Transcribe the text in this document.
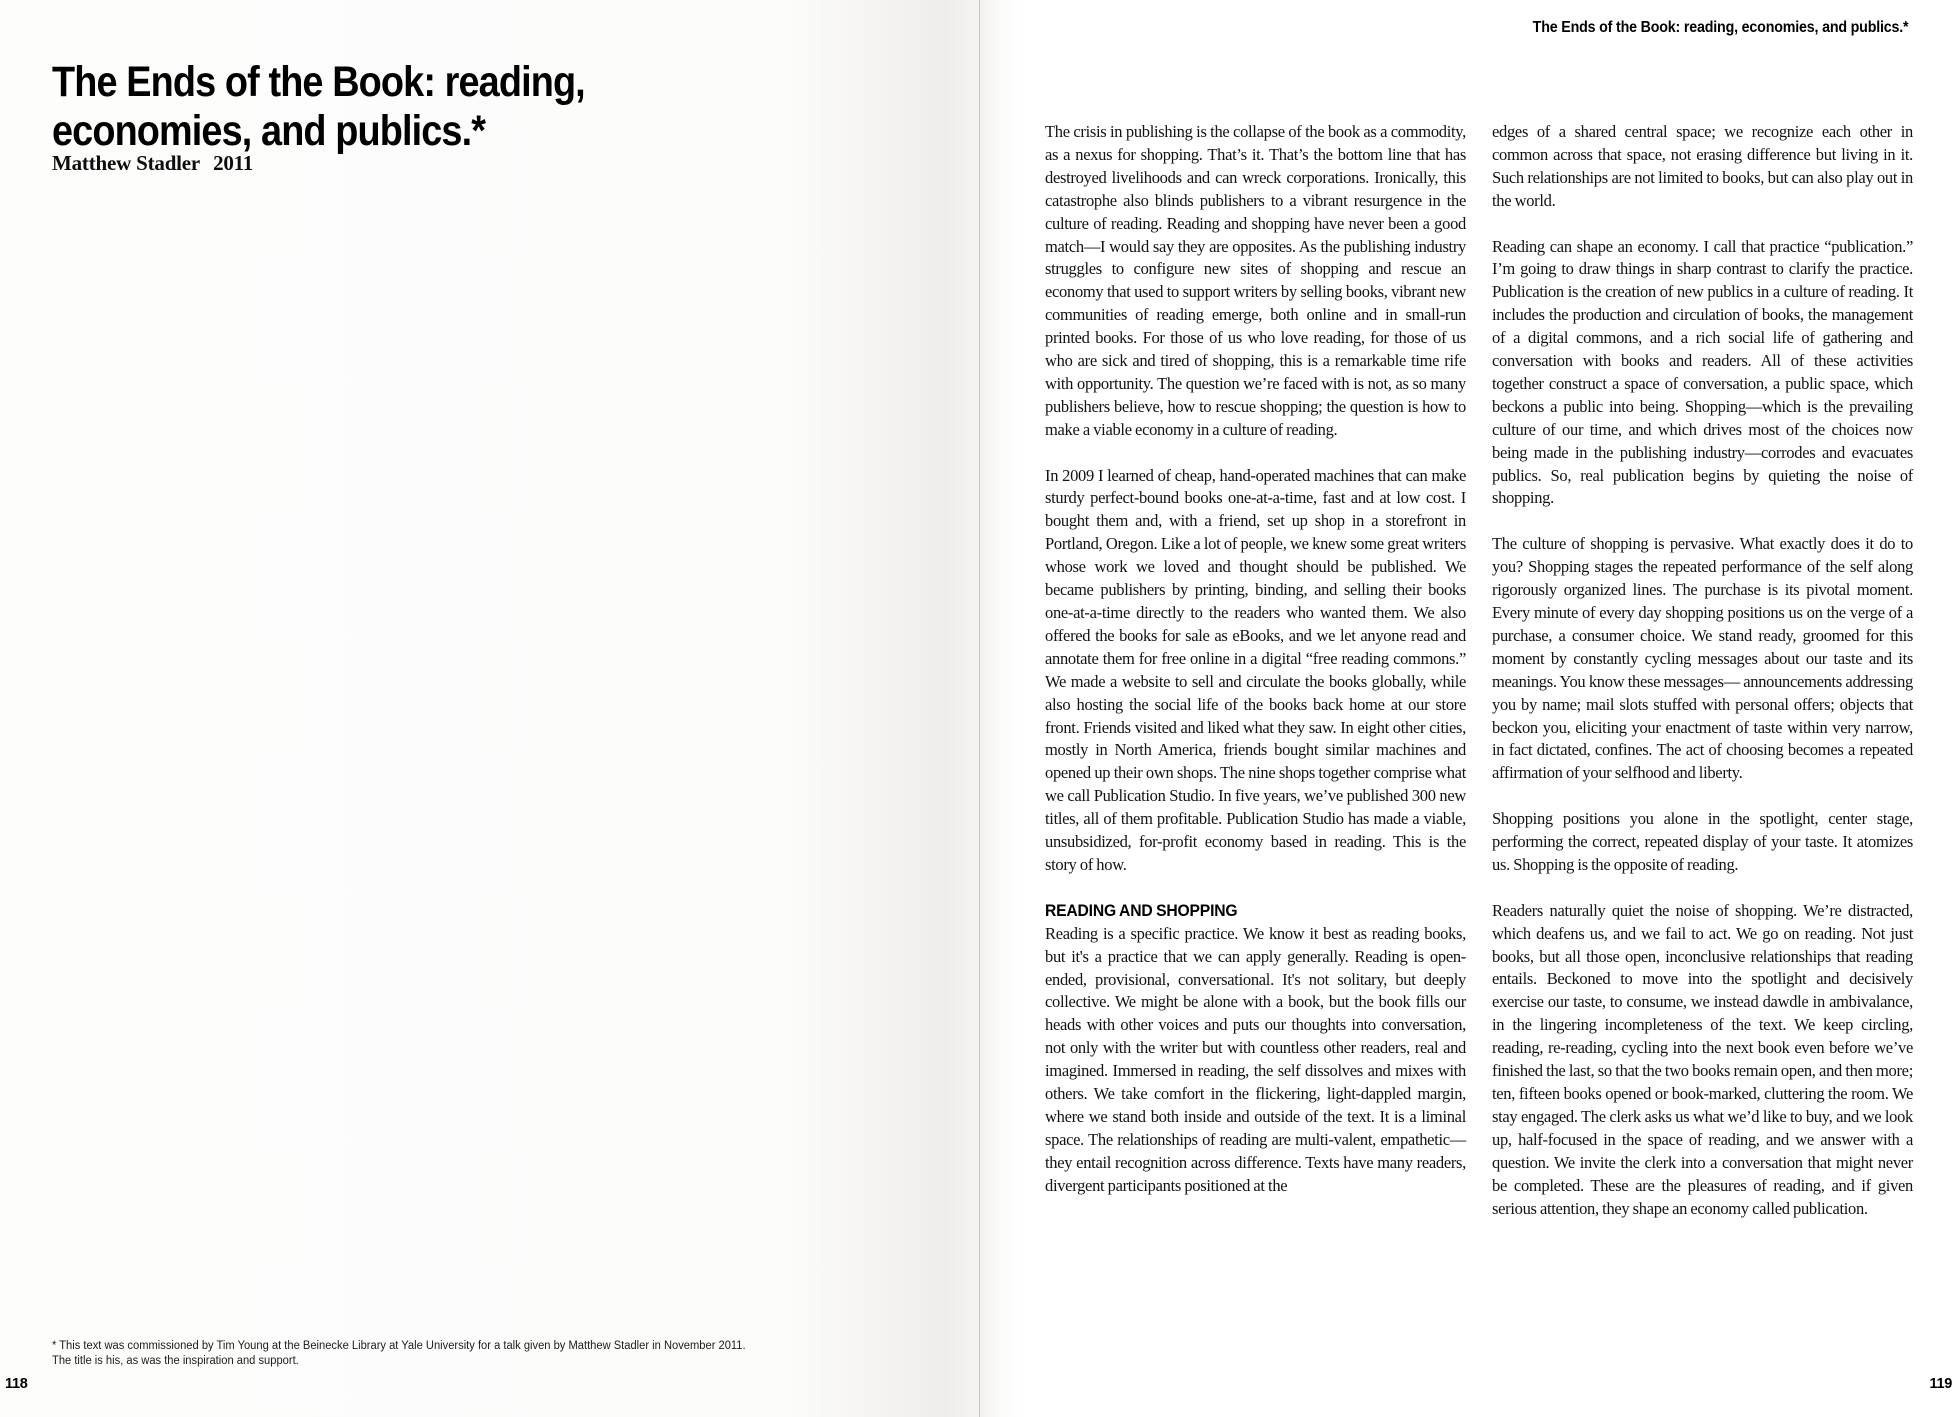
The Ends of the Book: reading,
economies, and publics.*
Matthew Stadler 2011
* This text was commissioned by Tim Young at the Beinecke Library at Yale University for a talk given by Matthew Stadler in November 2011.
The title is his, as was the inspiration and support.
118
The Ends of the Book: reading, economies, and publics.*

The crisis in publishing is the collapse of the book as a commodity, as a nexus for shopping. That’s it. That’s the bottom line that has destroyed livelihoods and can wreck corporations. Ironically, this catastrophe also blinds publishers to a vibrant resurgence in the culture of reading. Reading and shopping have never been a good match—I would say they are opposites. As the publishing industry struggles to configure new sites of shopping and rescue an economy that used to support writers by selling books, vibrant new communities of reading emerge, both online and in small-run printed books. For those of us who love reading, for those of us who are sick and tired of shopping, this is a remarkable time rife with opportunity. The question we’re faced with is not, as so many publishers believe, how to rescue shopping; the question is how to make a viable economy in a culture of reading.

In 2009 I learned of cheap, hand-operated machines that can make sturdy perfect-bound books one-at-a-time, fast and at low cost. I bought them and, with a friend, set up shop in a storefront in Portland, Oregon. Like a lot of people, we knew some great writers whose work we loved and thought should be published. We became publishers by printing, binding, and selling their books one-at-a-time directly to the readers who wanted them. We also offered the books for sale as eBooks, and we let anyone read and annotate them for free online in a digital “free reading commons.” We made a website to sell and circulate the books globally, while also hosting the social life of the books back home at our store front. Friends visited and liked what they saw. In eight other cities, mostly in North America, friends bought similar machines and opened up their own shops. The nine shops together comprise what we call Publication Studio. In five years, we’ve published 300 new titles, all of them profitable. Publication Studio has made a viable, unsubsidized, for-profit economy based in reading. This is the story of how.

READING AND SHOPPING

Reading is a specific practice. We know it best as reading books, but it's a practice that we can apply generally. Reading is open-ended, provisional, conversational. It's not solitary, but deeply collective. We might be alone with a book, but the book fills our heads with other voices and puts our thoughts into conversation, not only with the writer but with countless other readers, real and imagined. Immersed in reading, the self dissolves and mixes with others. We take comfort in the flickering, light-dappled margin, where we stand both inside and outside of the text. It is a liminal space. The relationships of reading are multi-valent, empathetic—they entail recognition across difference. Texts have many readers, divergent participants positioned at the

edges of a shared central space; we recognize each other in common across that space, not erasing difference but living in it. Such relationships are not limited to books, but can also play out in the world.

Reading can shape an economy. I call that practice “publication.” I’m going to draw things in sharp contrast to clarify the practice. Publication is the creation of new publics in a culture of reading. It includes the production and circulation of books, the management of a digital commons, and a rich social life of gathering and conversation with books and readers. All of these activities together construct a space of conversation, a public space, which beckons a public into being. Shopping—which is the prevailing culture of our time, and which drives most of the choices now being made in the publishing industry—corrodes and evacuates publics. So, real publication begins by quieting the noise of shopping.

The culture of shopping is pervasive. What exactly does it do to you? Shopping stages the repeated performance of the self along rigorously organized lines. The purchase is its pivotal moment. Every minute of every day shopping positions us on the verge of a purchase, a consumer choice. We stand ready, groomed for this moment by constantly cycling messages about our taste and its meanings. You know these messages— announcements addressing you by name; mail slots stuffed with personal offers; objects that beckon you, eliciting your enactment of taste within very narrow, in fact dictated, confines. The act of choosing becomes a repeated affirmation of your selfhood and liberty.

Shopping positions you alone in the spotlight, center stage, performing the correct, repeated display of your taste. It atomizes us. Shopping is the opposite of reading.

Readers naturally quiet the noise of shopping. We’re distracted, which deafens us, and we fail to act. We go on reading. Not just books, but all those open, inconclusive relationships that reading entails. Beckoned to move into the spotlight and decisively exercise our taste, to consume, we instead dawdle in ambivalance, in the lingering incompleteness of the text. We keep circling, reading, re-reading, cycling into the next book even before we’ve finished the last, so that the two books remain open, and then more; ten, fifteen books opened or book-marked, cluttering the room. We stay engaged. The clerk asks us what we’d like to buy, and we look up, half-focused in the space of reading, and we answer with a question. We invite the clerk into a conversation that might never be completed. These are the pleasures of reading, and if given serious attention, they shape an economy called publication.

119
